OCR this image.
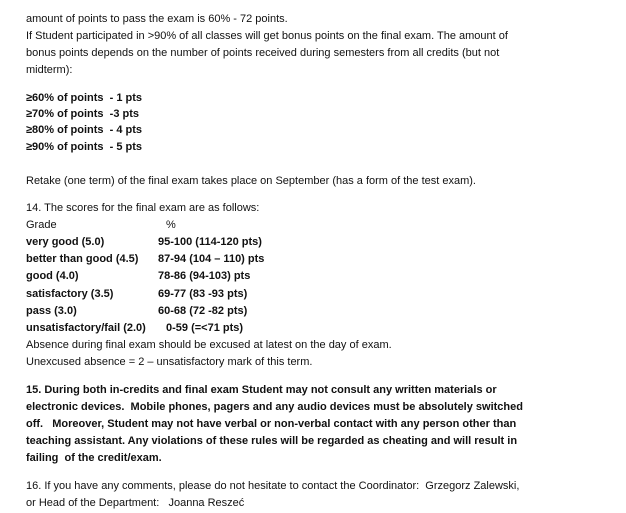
amount of points to pass the exam is 60% - 72 points.
If Student participated in >90% of all classes will get bonus points on the final exam. The amount of
bonus points depends on the number of points received during semesters from all credits (but not
midterm):
≥60% of points  - 1 pts
≥70% of points  -3 pts
≥80% of points  - 4 pts
≥90% of points  - 5 pts
Retake (one term) of the final exam takes place on September (has a form of the test exam).
14. The scores for the final exam are as follows:
Grade	%
very good (5.0)	95-100 (114-120 pts)
better than good (4.5) 87-94 (104 – 110) pts
good (4.0)	78-86 (94-103) pts
satisfactory (3.5)	69-77 (83 -93 pts)
pass (3.0)	60-68 (72 -82 pts)
unsatisfactory/fail (2.0) 0-59 (=<71 pts)
Absence during final exam should be excused at latest on the day of exam.
Unexcused absence = 2 – unsatisfactory mark of this term.
15. During both in-credits and final exam Student may not consult any written materials or
electronic devices.  Mobile phones, pagers and any audio devices must be absolutely switched
off.   Moreover, Student may not have verbal or non-verbal contact with any person other than
teaching assistant. Any violations of these rules will be regarded as cheating and will result in
failing  of the credit/exam.
16. If you have any comments, please do not hesitate to contact the Coordinator:  Grzegorz Zalewski,
or Head of the Department:   Joanna Reszeć
